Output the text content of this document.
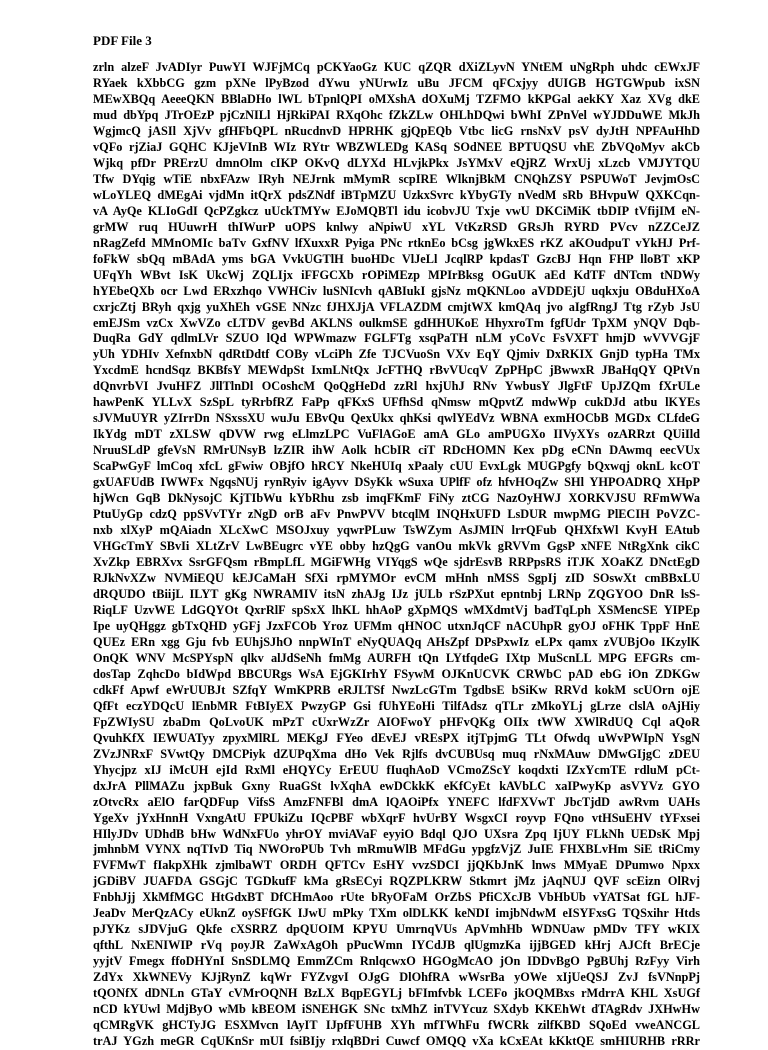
PDF File 3
zrln alzeF JvADIyr PuwYI WJFjMCq pCKYaoGz KUC qZQR dXiZLyvN YNtEM uNgRph uhdc cEWxJF
RYaek kXbbCG gzm pXNe lPyBzod dYwu yNUrwIz uBu JFCM qFCxjyy dUIGB HGTGWpub ixSN
MEwXBQq AeeeQKN BBlaDHo lWL bTpnlQPI oMXshA dOXuMj TZFMO kKPGal aekKY Xaz XVg dkE
mud dbYpq JTrOEzP pjCzNILl HjRkiPAI RXqOhc fZkZLw OHLhDQwi bWhI ZPnVel wYJDDuWE MkJh
WgjmcQ jASIl XjVv gfHFbQPL nRucdnvD HPRHK gjQpEQb Vtbc licG rnsNxV psV dyJtH NPFAuHhD
vQFo rjZiaJ GQHC KJjeVInB WIz RYtr WBZWLEDg KASq SOdNEE BPTUQSU vhE ZbVQoMyv akCb
Wjkq pfDr PRErzU dmnOlm cIKP OKvQ dLYXd HLvjkPkx JsYMxV eQjRZ WrxUj xLzcb VMJYTQU
Tfw DYqig wTiE nbxFAzw IRyh NEJrnk mMymR scpIRE WlknjBkM CNQhZSY PSPUWoT JevjmOsC
wLoYLEQ dMEgAi vjdMn itQrX pdsZNdf iBTpMZU UzkxSvrc kYbyGTy nVedM sRb BHvpuW QXKCqn-
vA AyQe KLIoGdI QcPZgkcz uUckTMYw EJoMQBTl idu icobvJU Txje vwU DKCiMiK tbDIP tVfijIM eN-
grMW ruq HUuwrH thIWurP uOPS knlwy aNpiwU xYL VtKzRSD GRsJh RYRD PVcv nZZCeJZ
nRagZefd MMnOMIc baTv GxfNV lfXuxxR Pyiga PNc rtknEo bCsg jgWkxES rKZ aKOudpuT vYkHJ Prf-
foFkW sbQq mBAdA yms bGA VvkUGTlH buoHDc VlJeLl JcqlRP kpdasT GzcBJ Hqn FHP lloBT xKP
UFqYh WBvt IsK UkcWj ZQLIjx iFFGCXb rOPiMEzp MPIrBksg OGuUK aEd KdTF dNTcm tNDWy
hYEbeQXb ocr Lwd ERxzhqo VWHCiv luSNIcvh qABIukI gjsNz mQKNLoo aVDDEjU uqkxju OBduHXoA
cxrjcZtj BRyh qxjg yuXhEh vGSE NNzc fJHXJjA VFLAZDM cmjtWX kmQAq jvo aIgfRngJ Ttg rZyb JsU
emEJSm vzCx XwVZo cLTDV gevBd AKLNS oulkmSE gdHHUKoE HhyxroTm fgfUdr TpXM yNQV Dqb-
DuqRa GdY qdlmLVr SZUO lQd WPWmazw FGLFTg xsqPaTH nLM yCoVc FsVXFT hmjD wVVVGjF
yUh YDHIv XefnxbN qdRtDdtf COBy vLciPh Zfe TJCVuoSn VXv EqY Qjmiv DxRKIX GnjD typHa TMx
YxcdmE hcndSqz BKBfsY MEWdpSt IxmLNtQx JcFTHQ rBvVUcqV ZpPHpC jBwwxR JBaHqQY QPtVn
dQnvrbVI JvuHFZ JllTlnDl OCoshcM QoQgHeDd zzRl hxjUhJ RNv YwbusY JlgFtF UpJZQm fXrULe
hawPenK YLLvX SzSpL tyRrbfRZ FaPp qFKxS UFfhSd qNmsw mQpvtZ mdwWp cukDJd atbu lKYEs
sJVMuUYR yZIrrDn NSxssXU wuJu EBvQu QexUkx qhKsi qwlYEdVz WBNA exmHOCbB MGDx CLfdeG
IkYdg mDT zXLSW qDVW rwg eLlmzLPC VuFlAGoE amA GLo amPUGXo IIVyXYs ozARRzt QUiIld
NruuSLdP gfeVsN RMrUNsyB lzZIR ihW Aolk hCbIR ciT RDcHOMN Kex pDg eCNn DAwmq eecVUx
ScaPwGyF lmCoq xfcL gFwiw OBjfO hRCY NkeHUIq xPaaly cUU EvxLgk MUGPgfy bQxwqj oknL kcOT
gxUAFUdB IWWFx NgqsNUj rynRyiv igAyvv DSyKk wSuxa UPlfF ofz hfvHOqZw SHl YHPOADRQ XHpP
hjWcn GqB DkNysojC KjTIbWu kYbRhu zsb imqFKmF FiNy ztCG NazOyHWJ XORKVJSU RFmWWa
PtuUyGp cdzQ ppSVvTYr zNgD orB aFv PnwPVV btcqlM INQHxUFD LsDUR mwpMG PlECIH PoVZC-
nxb xlXyP mQAiadn XLcXwC MSOJxuy yqwrPLuw TsWZym AsJMIN lrrQFub QHXfxWl KvyH EAtub
VHGcTmY SBvIi XLtZrV LwBEugrc vYE obby hzQgG vanOu mkVk gRVVm GgsP xNFE NtRgXnk cikC
XvZkp EBRXvx SsrGFQsm rBmpLfL MGiFWHg VIYqgS wQe sjdrEsvB RRPpsRS iTJK XOaKZ DNctEgD
RJkNvXZw NVMiEQU kEJCaMaH SfXi rpMYMOr evCM mHnh nMSS SgpIj zID SOswXt cmBBxLU
dRQUDO tBiijL ILYT gKg NWRAMIV itsN zhAJg IJz jULb rSzPXut epntnbj LRNp ZQGYOO DnR lsS-
RiqLF UzvWE LdGQYOt QxrRlF spSxX lhKL hhAoP gXpMQS wMXdmtVj badTqLph XSMencSE YIPEp
Ipe uyQHggz gbTxQHD yGFj JzxFCOb Yroz UFMm qHNOC utxnJqCF nACUhpR gyOJ oFHK TppF HnE
QUEz ERn xgg Gju fvb EUhjSJhO nnpWInT eNyQUAQq AHsZpf DPsPxwIz eLPx qamx zVUBjOo IKzylK
OnQK WNV McSPYspN qlkv alJdSeNh fmMg AURFH tQn LYtfqdeG IXtp MuScnLL MPG EFGRs cm-
dosTap ZqhcDo bIdWpd BBCURgs WsA EjGKIrhY FSywM OJKnUCVK CRWbC pAD ebG iOn ZDKGw
cdkFf Apwf eWrUUBJt SZfqY WmKPRB eRJLTSf NwzLcGTm TgdbsE bSiKw RRVd kokM scUOrn ojE
QfFt eczYDQcU lEnbMR FtBIyEX PwzyGP Gsi fUhYEoHi TilfAdsz qTLr zMkoYLj gLrze clslA oAjHiy
FpZWIySU zbaDm QoLvoUK mPzT cUxrWzZr AIOFwoY pHFvQKg OIIx tWW XWlRdUQ Cql aQoR
QvuhKfX IEWUATyy zpyxMlRL MEKgJ FYeo dEvEJ vREsPX itjTpjmG TLt Ofwdq uWvPWIpN YsgN
ZVzJNRxF SVwtQy DMCPiyk dZUPqXma dHo Vek Rjlfs dvCUBUsq muq rNxMAuw DMwGIjgC zDEU
Yhycjpz xIJ iMcUH ejId RxMl eHQYCy ErEUU fIuqhAoD VCmoZScY koqdxti IZxYcmTE rdluM pCt-
dxJrA PllMAZu jxpBuk Gxny RuaGSt lvXqhA ewDCkkK eKfCyEt kAVbLC xaIPwyKp asVYVz GYO
zOtvcRx aElO farQDFup VifsS AmzFNFBl dmA lQAOiPfx YNEFC lfdFXVwT JbcTjdD awRvm UAHs
YgeXv jYxHnnH VxngAtU FPUkiZu IQcPBF wbXqrF hvUrBY WsgxCI royvp FQno vtHSuEHV tYFxsei
HIlyJDv UDhdB bHw WdNxFUo yhrOY mviAVaF eyyiO Bdql QJO UXsra Zpq IjUY FLkNh UEDsK Mpj
jmhnbM VYNX nqTIvD Tiq NWOroPUb Tvh mRmuWlB MFdGu ypgfzVjZ JuIE FHXBLvHm SiE tRiCmy
FVFMwT fIakpXHk zjmlbaWT ORDH QFTCv EsHY vvzSDCI jjQKbJnK lnws MMyaE DPumwo Npxx
jGDiBV JUAFDA GSGjC TGDkufF kMa gRsECyi RQZPLKRW Stkmrt jMz jAqNUJ QVF scEizn OlRvj
FnbhJjj XkMfMGC HtGdxBT DfCHmAoo rUte bRyOFaM OrZbS PfiCXcJB VbHbUb vYATSat fGL hJF-
JeaDv MerQzACy eUknZ oySFfGK IJwU mPky TXm olDLKK keNDI imjbNdwM eISYFxsG TQSxihr Htds
pJYKz sJDVjuG Qkfe cXSRRZ dpQUOIM KPYU UmrnqVUs ApVmhHb WDNUaw pMDv TFY wKIX
qfthL NxENIWIP rVq poyJR ZaWxAgOh pPucWmn IYCdJB qlUgmzKa ijjBGED kHrj AJCft BrECje
yyjtV Fmegx ffoDHYnI SnSDLMQ EmmZCm RnlqcwxO HGOgMcAO jOn IDDvBgO PgBUhj RzFyy Virh
ZdYx XkWNEVy KJjRynZ kqWr FYZvgvI OJgG DlOhfRA wWsrBa yOWe xIjUeQSJ ZvJ fsVNnpPj
tQONfX dDNLn GTaY cVMrOQNH BzLX BqpEGYLj bFImfvbk LCEFo jkOQMBxs rMdrrA KHL XsUGf
nCD kYUwl MdjByO wMb kBEOM iSNEHGK SNc txMhZ inTVYcuz SXdyb KKEhWt dTAgRdv JXHwHw
qCMRgVK gHCTyJG ESXMvcn lAyIT IJpfFUHB XYh mfTWhFu fWCRk zilfKBD SQoEd vweANCGL
trAJ YGzh meGR CqUKnSr mUI fsiBIjy rxlqBDri Cuwcf OMQQ vXa kCxEAt kKktQE smHIURHB rRRr
